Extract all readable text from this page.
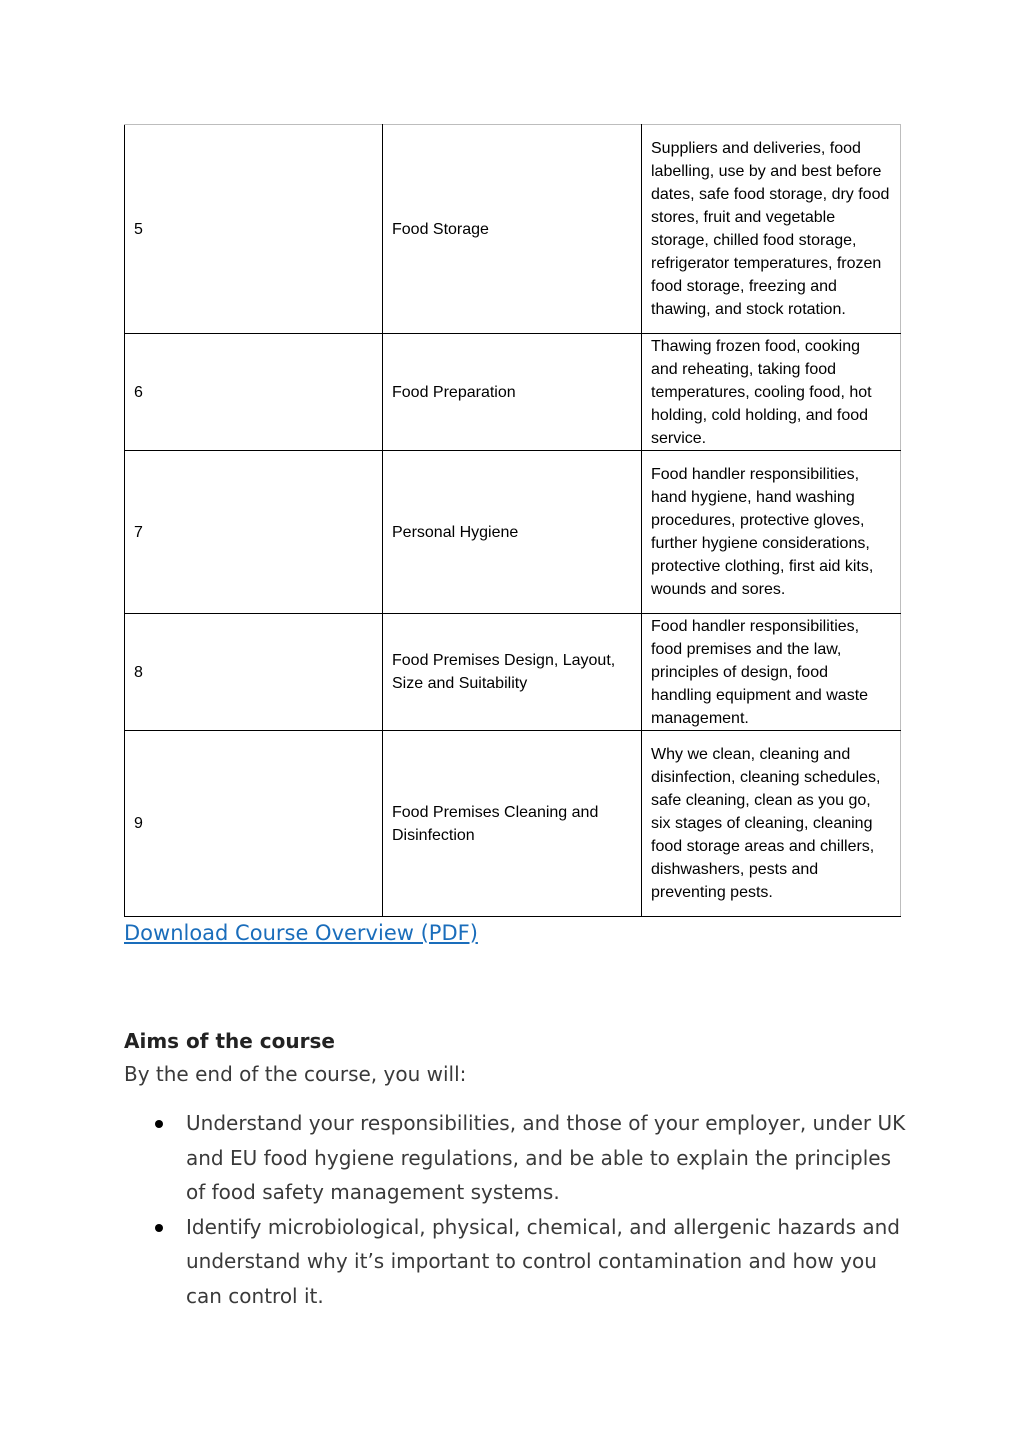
5	Food Storage	Suppliers and deliveries, food labelling, use by and best before dates, safe food storage, dry food stores, fruit and vegetable storage, chilled food storage, refrigerator temperatures, frozen food storage, freezing and thawing, and stock rotation.
6	Food Preparation	Thawing frozen food, cooking and reheating, taking food temperatures, cooling food, hot holding, cold holding, and food service.
7	Personal Hygiene	Food handler responsibilities, hand hygiene, hand washing procedures, protective gloves, further hygiene considerations, protective clothing, first aid kits, wounds and sores.
8	Food Premises Design, Layout, Size and Suitability	Food handler responsibilities, food premises and the law, principles of design, food handling equipment and waste management.
9	Food Premises Cleaning and Disinfection	Why we clean, cleaning and disinfection, cleaning schedules, safe cleaning, clean as you go, six stages of cleaning, cleaning food storage areas and chillers, dishwashers, pests and preventing pests.
Download Course Overview (PDF)
Aims of the course

By the end of the course, you will:

Understand your responsibilities, and those of your employer, under UK and EU food hygiene regulations, and be able to explain the principles of food safety management systems.
Identify microbiological, physical, chemical, and allergenic hazards and understand why it’s important to control contamination and how you can control it.
